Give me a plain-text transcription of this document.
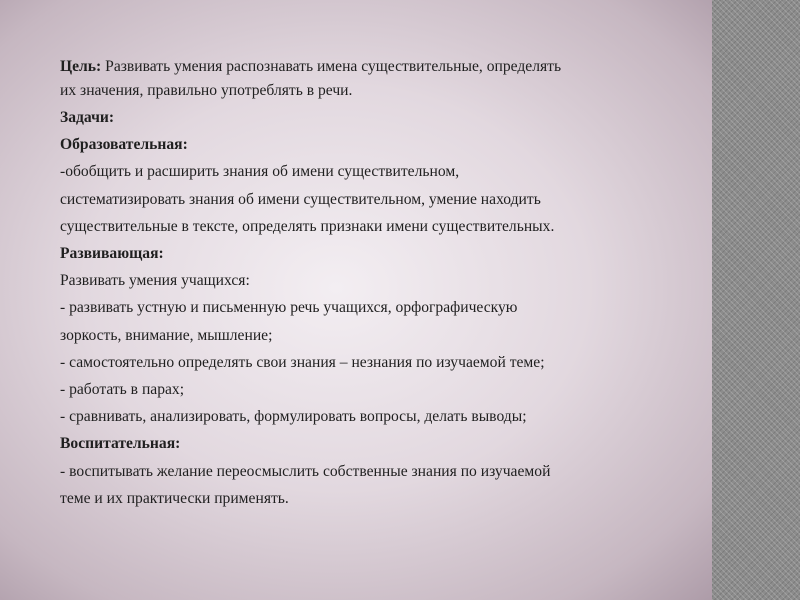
Цель: Развивать умения распознавать имена существительные, определять
их значения, правильно употреблять в речи.
Задачи:
Образовательная:
-обобщить и расширить знания об имени существительном,
систематизировать знания об имени существительном, умение находить
существительные в тексте, определять признаки имени существительных.
Развивающая:
Развивать умения учащихся:
- развивать устную и письменную речь учащихся, орфографическую
зоркость, внимание, мышление;
- самостоятельно определять свои знания – незнания по изучаемой теме;
- работать в парах;
- сравнивать, анализировать, формулировать вопросы, делать выводы;
Воспитательная:
- воспитывать желание переосмыслить собственные знания по изучаемой
теме и их практически применять.
